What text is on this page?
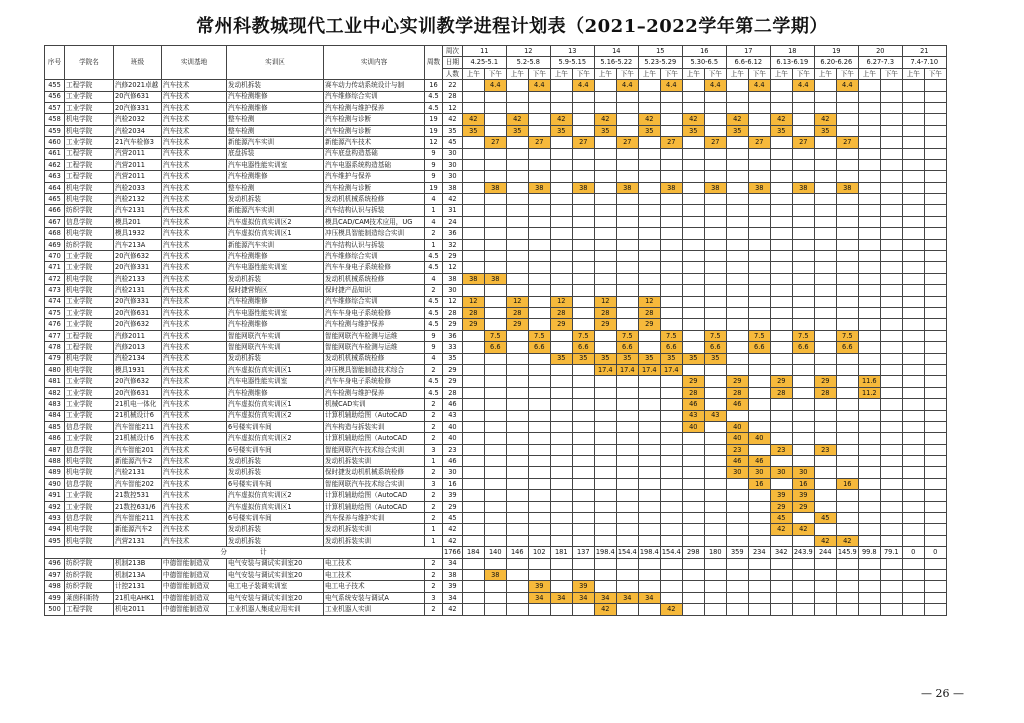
常州科教城现代工业中心实训教学进程计划表（2021–2022学年第二学期）
序号	学院名	班级	实训基地	实训区	实训内容	周数	周次	11		12		13		14		15		16		17		18		19		20		21	
							日期	4.25-5.1		5.2-5.8		5.9-5.15		5.16-5.22		5.23-5.29		5.30-6.5		6.6-6.12		6.13-6.19		6.20-6.26		6.27-7.3		7.4-7.10	
							人数	上午	下午	上午	下午	上午	下午	上午	下午	上午	下午	上午	下午	上午	下午	上午	下午	上午	下午	上午	下午	上午	下午
455	工程学院	汽修2021卓越	汽车技术	发动机拆装	赛车动力传动系统设计与制	16	22		4.4		4.4		4.4		4.4		4.4		4.4		4.4		4.4		4.4				
456	工业学院	20汽修631	汽车技术	汽车检测维修	汽车维修综合实训	4.5	28																						
457	工业学院	20汽修331	汽车技术	汽车检测维修	汽车检测与维护保养	4.5	12																						
458	机电学院	汽检2032	汽车技术	整车检测	汽车检测与诊断	19	42	42		42		42		42		42		42		42		42		42					
459	机电学院	汽检2034	汽车技术	整车检测	汽车检测与诊断	19	35	35		35		35		35		35		35		35		35		35					
460	工业学院	21汽车检修3	汽车技术	新能源汽车实训	新能源汽车技术	12	45		27		27		27		27		27		27		27		27		27				
461	工程学院	汽营2011	汽车技术	底盘拆装	汽车底盘构造基础	9	30																						
462	工程学院	汽营2011	汽车技术	汽车电器性能实训室	汽车电器系统构造基础	9	30																						
463	工程学院	汽营2011	汽车技术	汽车检测维修	汽车维护与保养	9	30																						
464	机电学院	汽检2033	汽车技术	整车检测	汽车检测与诊断	19	38		38		38		38		38		38		38		38		38		38				
465	机电学院	汽检2132	汽车技术	发动机拆装	发动机机械系统检修	4	42																						
466	纺织学院	汽车2131	汽车技术	新能源汽车实训	汽车结构认识与拆装	1	31																						
467	信息学院	模具201	汽车技术	汽车虚拟仿真实训区2	模具CAD/CAM技术应用，UG	4	24																						
468	机电学院	模具1932	汽车技术	汽车虚拟仿真实训区1	冲压模具智能制造综合实训	2	36																						
469	纺织学院	汽车213A	汽车技术	新能源汽车实训	汽车结构认识与拆装	1	32																						
470	工业学院	20汽修632	汽车技术	汽车检测维修	汽车维修综合实训	4.5	29																						
471	工业学院	20汽修331	汽车技术	汽车电器性能实训室	汽车车身电子系统检修	4.5	12																						
472	机电学院	汽检2133	汽车技术	发动机拆装	发动机机械系统检修	4	38	38	38																				
473	机电学院	汽检2131	汽车技术	保时捷营销区	保时捷产品知识	2	30																						
474	工业学院	20汽修331	汽车技术	汽车检测维修	汽车维修综合实训	4.5	12	12		12		12		12		12													
475	工业学院	20汽修631	汽车技术	汽车电器性能实训室	汽车车身电子系统检修	4.5	28	28		28		28		28		28													
476	工业学院	20汽修632	汽车技术	汽车检测维修	汽车检测与维护保养	4.5	29	29		29		29		29		29													
477	工程学院	汽修2011	汽车技术	智能网联汽车实训	智能网联汽车检测与运维	9	36		7.5		7.5		7.5		7.5		7.5		7.5		7.5		7.5		7.5				
478	工程学院	汽修2013	汽车技术	智能网联汽车实训	智能网联汽车检测与运维	9	33		6.6		6.6		6.6		6.6		6.6		6.6		6.6		6.6		6.6				
479	机电学院	汽检2134	汽车技术	发动机拆装	发动机机械系统检修	4	35					35	35	35	35	35	35	35	35										
480	机电学院	模具1931	汽车技术	汽车虚拟仿真实训区1	冲压模具智能制造技术综合	2	29							17.4	17.4	17.4	17.4												
481	工业学院	20汽修632	汽车技术	汽车电器性能实训室	汽车车身电子系统检修	4.5	29											29		29		29		29		11.6			
482	工业学院	20汽修631	汽车技术	汽车检测维修	汽车检测与维护保养	4.5	28											28		28		28		28		11.2			
483	工业学院	21机电一体化	汽车技术	汽车虚拟仿真实训区1	机械CAD实训	2	46											46		46									
484	工业学院	21机械设计6	汽车技术	汽车虚拟仿真实训区2	计算机辅助绘图（AutoCAD	2	43											43	43										
485	信息学院	汽车智能211	汽车技术	6号楼实训车间	汽车构造与拆装实训	2	40											40		40									
486	工业学院	21机械设计6	汽车技术	汽车虚拟仿真实训区2	计算机辅助绘图（AutoCAD	2	40													40	40								
487	信息学院	汽车智能201	汽车技术	6号楼实训车间	智能网联汽车技术综合实训	3	23													23		23		23					
488	机电学院	新能源汽车2	汽车技术	发动机拆装	发动机拆装实训	1	46													46	46								
489	机电学院	汽检2131	汽车技术	发动机拆装	保时捷发动机机械系统检修	2	30													30	30	30	30						
490	信息学院	汽车智能202	汽车技术	6号楼实训车间	智能网联汽车技术综合实训	3	16														16		16		16				
491	工业学院	21数控531	汽车技术	汽车虚拟仿真实训区2	计算机辅助绘图（AutoCAD	2	39															39	39						
492	工业学院	21数控631/6	汽车技术	汽车虚拟仿真实训区1	计算机辅助绘图（AutoCAD	2	29															29	29						
493	信息学院	汽车智能211	汽车技术	6号楼实训车间	汽车保养与维护实训	2	45															45		45					
494	机电学院	新能源汽车2	汽车技术	发动机拆装	发动机拆装实训	1	42															42	42						
495	机电学院	汽营2131	汽车技术	发动机拆装	发动机拆装实训	1	42																	42	42				
分　　　　　计							1766	184	140	146	102	181	137	198.4	154.4	198.4	154.4	298	180	359	234	342	243.9	244	145.9	99.8	79.1	0	0
496	纺织学院	机制213B	中德智能制造双	电气安装与调试实训室20	电工技术	2	34																						
497	纺织学院	机制213A	中德智能制造双	电气安装与调试实训室20	电工技术	2	38		38																				
498	纺织学院	计控2131	中德智能制造双	电工电子装调实训室	电工电子技术	2	39				39		39																
499	莱茵科斯特	21机电AHK1	中德智能制造双	电气安装与调试实训室20	电气系统安装与调试A	3	34				34	34	34	34	34	34													
500	工程学院	机电2011	中德智能制造双	工业机器人集成应用实训	工业机器人实训	2	42							42			42												
— 26 —
